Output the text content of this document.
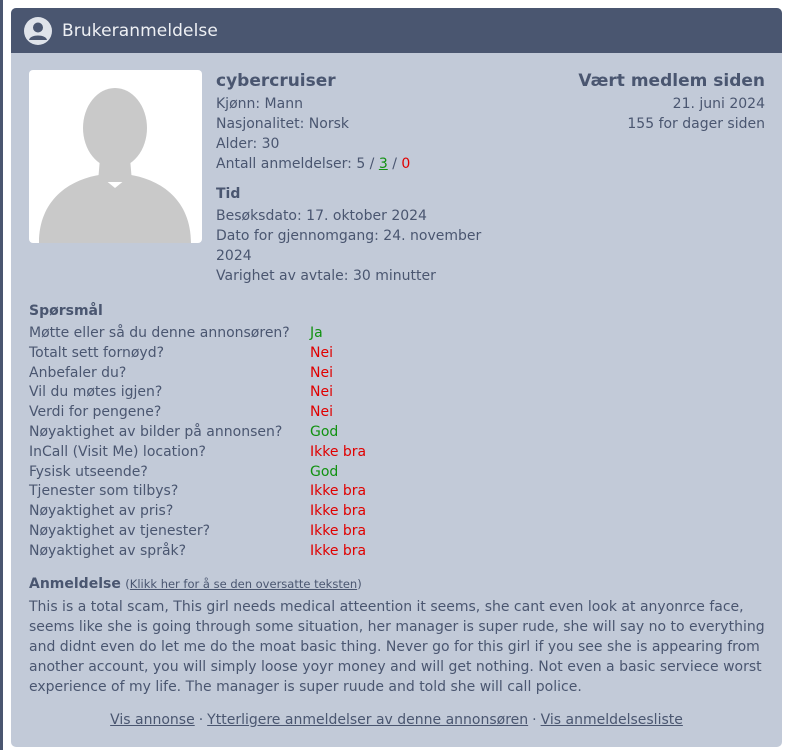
Brukeranmeldelse
cybercruiser
Kjønn: Mann
Nasjonalitet: Norsk
Alder: 30
Antall anmeldelser: 5 / 3 / 0
Tid
Besøksdato: 17. oktober 2024
Dato for gjennomgang: 24. november
2024
Varighet av avtale: 30 minutter
Vært medlem siden
21. juni 2024
155 for dager siden
Spørsmål
Møtte eller så du denne annonsøren?	Ja
Totalt sett fornøyd?	Nei
Anbefaler du?	Nei
Vil du møtes igjen?	Nei
Verdi for pengene?	Nei
Nøyaktighet av bilder på annonsen?	God
InCall (Visit Me) location?	Ikke bra
Fysisk utseende?	God
Tjenester som tilbys?	Ikke bra
Nøyaktighet av pris?	Ikke bra
Nøyaktighet av tjenester?	Ikke bra
Nøyaktighet av språk?	Ikke bra
Anmeldelse (Klikk her for å se den oversatte teksten)
This is a total scam, This girl needs medical atteention it seems, she cant even look at anyonrce face, seems like she is going through some situation, her manager is super rude, she will say no to everything and didnt even do let me do the moat basic thing. Never go for this girl if you see she is appearing from another account, you will simply loose yoyr money and will get nothing. Not even a basic serviece worst experience of my life. The manager is super ruude and told she will call police.
Vis annonse · Ytterligere anmeldelser av denne annonsøren · Vis anmeldelsesliste
